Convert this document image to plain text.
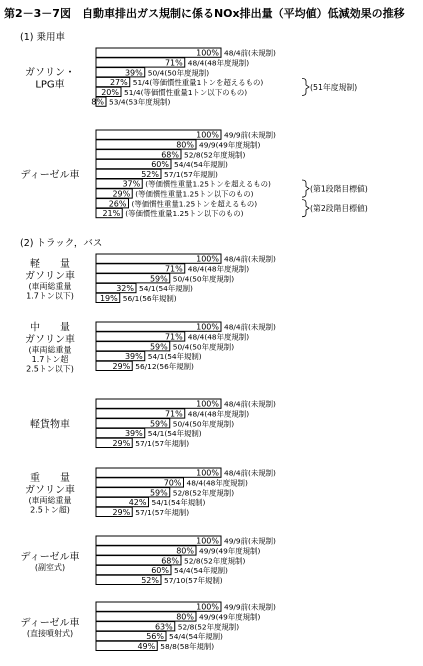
第2－3－7図　自動車排出ガス規制に係るNOx排出量（平均値）低減効果の推移
(1) 乗用車
ガソリン・
LPG車
100% 48/4前(未規制)
71% 48/4(48年度規制)
39% 50/4(50年度規制)
27% 51/4(等価慣性重量1トンを超えるもの)
20% 51/4(等価慣性重量1トン以下のもの)
8% 53/4(53年度規制)
(51年度規制)
ディーゼル車
100% 49/9前(未規制)
80% 49/9(49年度規制)
68% 52/8(52年度規制)
60% 54/4(54年規制)
52% 57/1(57年規制)
37% (等価慣性重量1.25トンを超えるもの)
29% (等価慣性重量1.25トン以下のもの)
26% (等価慣性重量1.25トンを超えるもの)
21% (等価慣性重量1.25トン以下のもの)
(第1段階目標値)
(第2段階目標値)
(2) トラック，バス
軽　　量
ガソリン車
(車両総重量
1.7トン以下)
100% 48/4前(未規制)
71% 48/4(48年度規制)
59% 50/4(50年度規制)
32% 54/1(54年規制)
19% 56/1(56年規制)
中　　量
ガソリン車
(車両総重量
1.7トン超
2.5トン以下)
100% 48/4前(未規制)
71% 48/4(48年度規制)
59% 50/4(50年度規制)
39% 54/1(54年規制)
29% 56/12(56年規制)
軽貨物車
100% 48/4前(未規制)
71% 48/4(48年度規制)
59% 50/4(50年度規制)
39% 54/1(54年規制)
29% 57/1(57年規制)
重　　量
ガソリン車
(車両総重量
2.5トン超)
100% 48/4前(未規制)
70% 48/4(48年度規制)
59% 52/8(52年度規制)
42% 54/1(54年規制)
29% 57/1(57年規制)
ディーゼル車
(副室式)
100% 49/9前(未規制)
80% 49/9(49年度規制)
68% 52/8(52年度規制)
60% 54/4(54年規制)
52% 57/10(57年規制)
ディーゼル車
(直接噴射式)
100% 49/9前(未規制)
80% 49/9(49年度規制)
63% 52/8(52年度規制)
56% 54/4(54年規制)
49% 58/8(58年規制)
